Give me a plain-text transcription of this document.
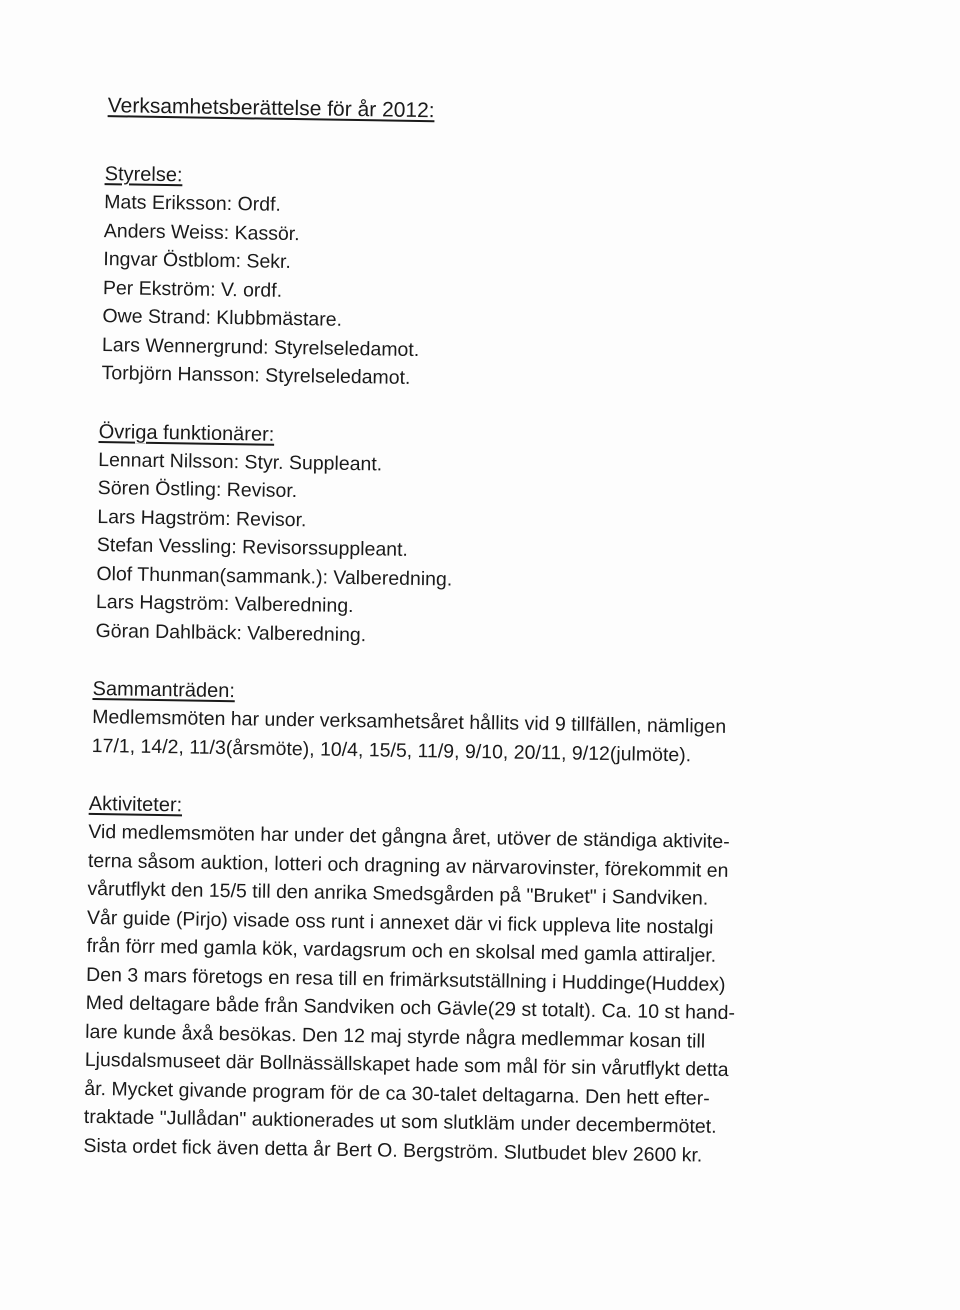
Verksamhetsberättelse för år 2012:
Styrelse:

Mats Eriksson: Ordf.

Anders Weiss: Kassör.

Ingvar Östblom: Sekr.

Per Ekström: V. ordf.

Owe Strand: Klubbmästare.

Lars Wennergrund: Styrelseledamot.

Torbjörn Hansson: Styrelseledamot.

Övriga funktionärer:

Lennart Nilsson: Styr. Suppleant.

Sören Östling: Revisor.

Lars Hagström: Revisor.

Stefan Vessling: Revisorssuppleant.

Olof Thunman(sammank.): Valberedning.

Lars Hagström: Valberedning.

Göran Dahlbäck: Valberedning.

Sammanträden:

Medlemsmöten har under verksamhetsåret hållits vid 9 tillfällen, nämligen

17/1, 14/2, 11/3(årsmöte), 10/4, 15/5, 11/9, 9/10, 20/11, 9/12(julmöte).

Aktiviteter:

Vid medlemsmöten har under det gångna året, utöver de ständiga aktivite-

terna såsom auktion, lotteri och dragning av närvarovinster, förekommit en

vårutflykt den 15/5 till den anrika Smedsgården på "Bruket" i Sandviken.

Vår guide (Pirjo) visade oss runt i annexet där vi fick uppleva lite nostalgi

från förr med gamla kök, vardagsrum och en skolsal med gamla attiraljer.

Den 3 mars företogs en resa till en frimärksutställning i Huddinge(Huddex)

Med deltagare både från Sandviken och Gävle(29 st totalt). Ca. 10 st hand-

lare kunde åxå besökas. Den 12 maj styrde några medlemmar kosan till

Ljusdalsmuseet där Bollnässällskapet hade som mål för sin vårutflykt detta

år. Mycket givande program för de ca 30-talet deltagarna. Den hett efter-

traktade "Jullådan" auktionerades ut som slutkläm under decembermötet.

Sista ordet fick även detta år Bert O. Bergström. Slutbudet blev 2600 kr.
